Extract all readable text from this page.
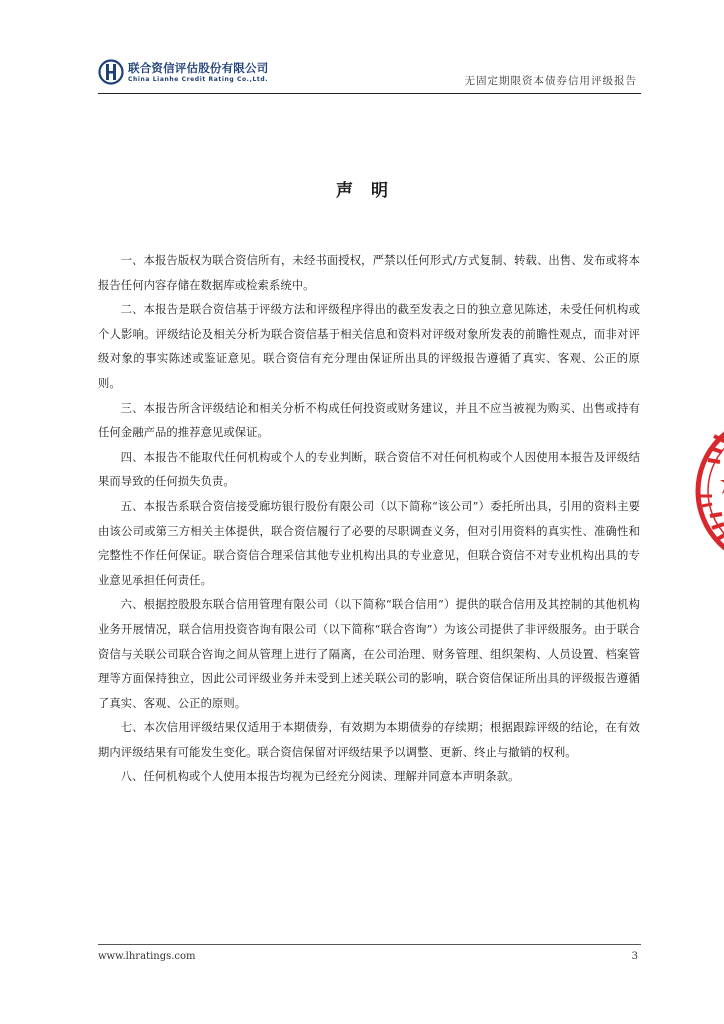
联合资信评估股份有限公司
China Lianhe Credit Rating Co.,Ltd.	无固定期限资本债券信用评级报告
声明

一、本报告版权为联合资信所有，未经书面授权，严禁以任何形式/方式复制、转载、出售、发布或将本报告任何内容存储在数据库或检索系统中。

二、本报告是联合资信基于评级方法和评级程序得出的截至发表之日的独立意见陈述，未受任何机构或个人影响。评级结论及相关分析为联合资信基于相关信息和资料对评级对象所发表的前瞻性观点，而非对评级对象的事实陈述或鉴证意见。联合资信有充分理由保证所出具的评级报告遵循了真实、客观、公正的原则。

三、本报告所含评级结论和相关分析不构成任何投资或财务建议，并且不应当被视为购买、出售或持有任何金融产品的推荐意见或保证。

四、本报告不能取代任何机构或个人的专业判断，联合资信不对任何机构或个人因使用本报告及评级结果而导致的任何损失负责。

五、本报告系联合资信接受廊坊银行股份有限公司（以下简称“该公司”）委托所出具，引用的资料主要由该公司或第三方相关主体提供，联合资信履行了必要的尽职调查义务，但对引用资料的真实性、准确性和完整性不作任何保证。联合资信合理采信其他专业机构出具的专业意见，但联合资信不对专业机构出具的专业意见承担任何责任。

六、根据控股股东联合信用管理有限公司（以下简称“联合信用”）提供的联合信用及其控制的其他机构业务开展情况，联合信用投资咨询有限公司（以下简称“联合咨询”）为该公司提供了非评级服务。由于联合资信与关联公司联合咨询之间从管理上进行了隔离，在公司治理、财务管理、组织架构、人员设置、档案管理等方面保持独立，因此公司评级业务并未受到上述关联公司的影响，联合资信保证所出具的评级报告遵循了真实、客观、公正的原则。

七、本次信用评级结果仅适用于本期债券，有效期为本期债券的存续期；根据跟踪评级的结论，在有效期内评级结果有可能发生变化。联合资信保留对评级结果予以调整、更新、终止与撤销的权利。

八、任何机构或个人使用本报告均视为已经充分阅读、理解并同意本声明条款。

www.lhratings.com	3
